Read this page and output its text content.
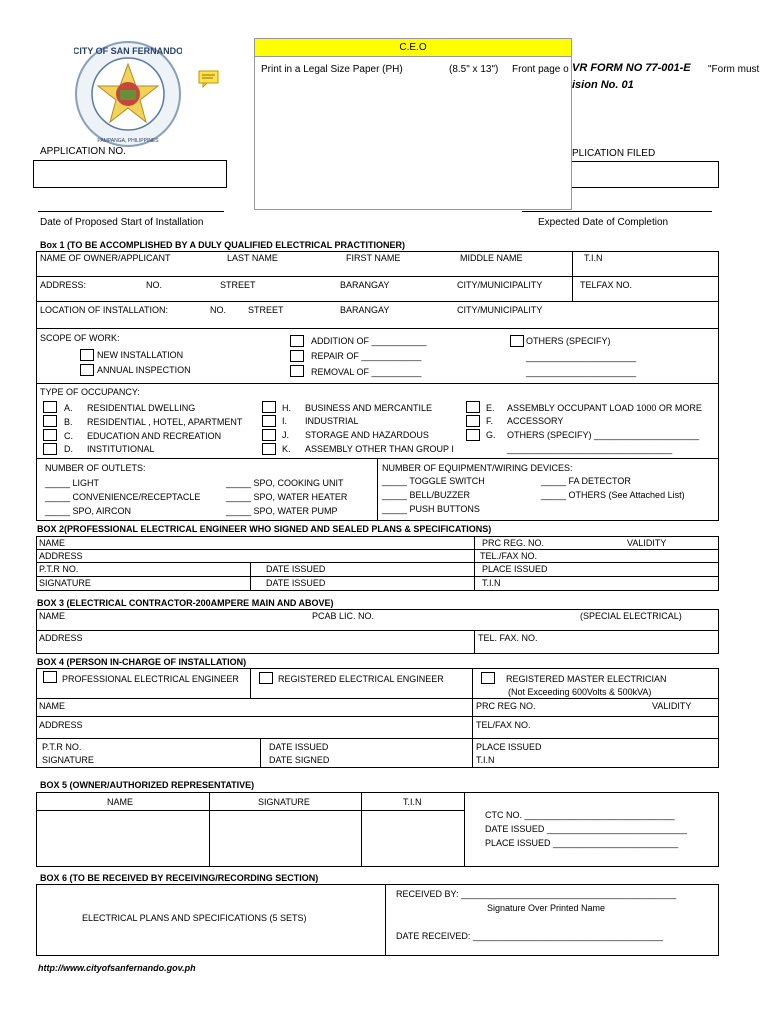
CITY OF SAN FERNANDO
PAMPANGA, PHILIPPINES
C.E.O
Print in a Legal Size Paper (PH)	(8.5" x 13") Front page o VR FORM NO 77-001-E "Form must
ision No. 01
APPLICATION NO.	PLICATION FILED
Date of Proposed Start of Installation	Expected Date of Completion
Box 1 (TO BE ACCOMPLISHED BY A DULY QUALIFIED ELECTRICAL PRACTITIONER)
NAME OF OWNER/APPLICANT	LAST NAME	FIRST NAME	MIDDLE NAME	T.I.N
ADDRESS:	NO.	STREET	BARANGAY	CITY/MUNICIPALITY	TELFAX NO.
LOCATION OF INSTALLATION:	NO. STREET	BARANGAY	CITY/MUNICIPALITY
SCOPE OF WORK:
NEW INSTALLATION
ANNUAL INSPECTION
ADDITION OF ___________
REPAIR OF ____________
REMOVAL OF __________
OTHERS (SPECIFY)
______________________
______________________
TYPE OF OCCUPANCY:
A. RESIDENTIAL DWELLING
B. RESIDENTIAL , HOTEL, APARTMENT
C. EDUCATION AND RECREATION
D. INSTITUTIONAL
H. BUSINESS AND MERCANTILE
I. INDUSTRIAL
J. STORAGE AND HAZARDOUS
K. ASSEMBLY OTHER THAN GROUP I
E. ASSEMBLY OCCUPANT LOAD 1000 OR MORE
F. ACCESSORY
G. OTHERS (SPECIFY) _____________________
_________________________________
NUMBER OF OUTLETS:
_____ LIGHT
_____ CONVENIENCE/RECEPTACLE
_____ SPO, AIRCON
_____ SPO, COOKING UNIT
_____ SPO, WATER HEATER
_____ SPO, WATER PUMP
NUMBER OF EQUIPMENT/WIRING DEVICES:
_____ TOGGLE SWITCH
_____ BELL/BUZZER
_____ PUSH BUTTONS
_____ FA DETECTOR
_____ OTHERS (See Attached List)
BOX 2(PROFESSIONAL ELECTRICAL ENGINEER WHO SIGNED AND SEALED PLANS & SPECIFICATIONS)
NAME	PRC REG. NO.	VALIDITY
ADDRESS	TEL./FAX NO.
P.T.R NO.	DATE ISSUED	PLACE ISSUED
SIGNATURE	DATE ISSUED	T.I.N
BOX 3 (ELECTRICAL CONTRACTOR-200AMPERE MAIN AND ABOVE)
NAME	PCAB LIC. NO.	(SPECIAL ELECTRICAL)
ADDRESS	TEL. FAX. NO.
BOX 4 (PERSON IN-CHARGE OF INSTALLATION)
PROFESSIONAL ELECTRICAL ENGINEER	REGISTERED ELECTRICAL ENGINEER	REGISTERED MASTER ELECTRICIAN
(Not Exceeding 600Volts & 500kVA)
NAME	PRC REG NO.	VALIDITY
ADDRESS	TEL/FAX NO.
P.T.R NO.	DATE ISSUED	PLACE ISSUED
SIGNATURE	DATE SIGNED	T.I.N
BOX 5 (OWNER/AUTHORIZED REPRESENTATIVE)
NAME	SIGNATURE	T.I.N
CTC NO. ______________________________
DATE ISSUED ____________________________
PLACE ISSUED _________________________
BOX 6 (TO BE RECEIVED BY RECEIVING/RECORDING SECTION)
ELECTRICAL PLANS AND SPECIFICATIONS (5 SETS)
RECEIVED BY: ___________________________________________
Signature Over Printed Name
DATE RECEIVED: ______________________________________
http://www.cityofsanfernando.gov.ph
